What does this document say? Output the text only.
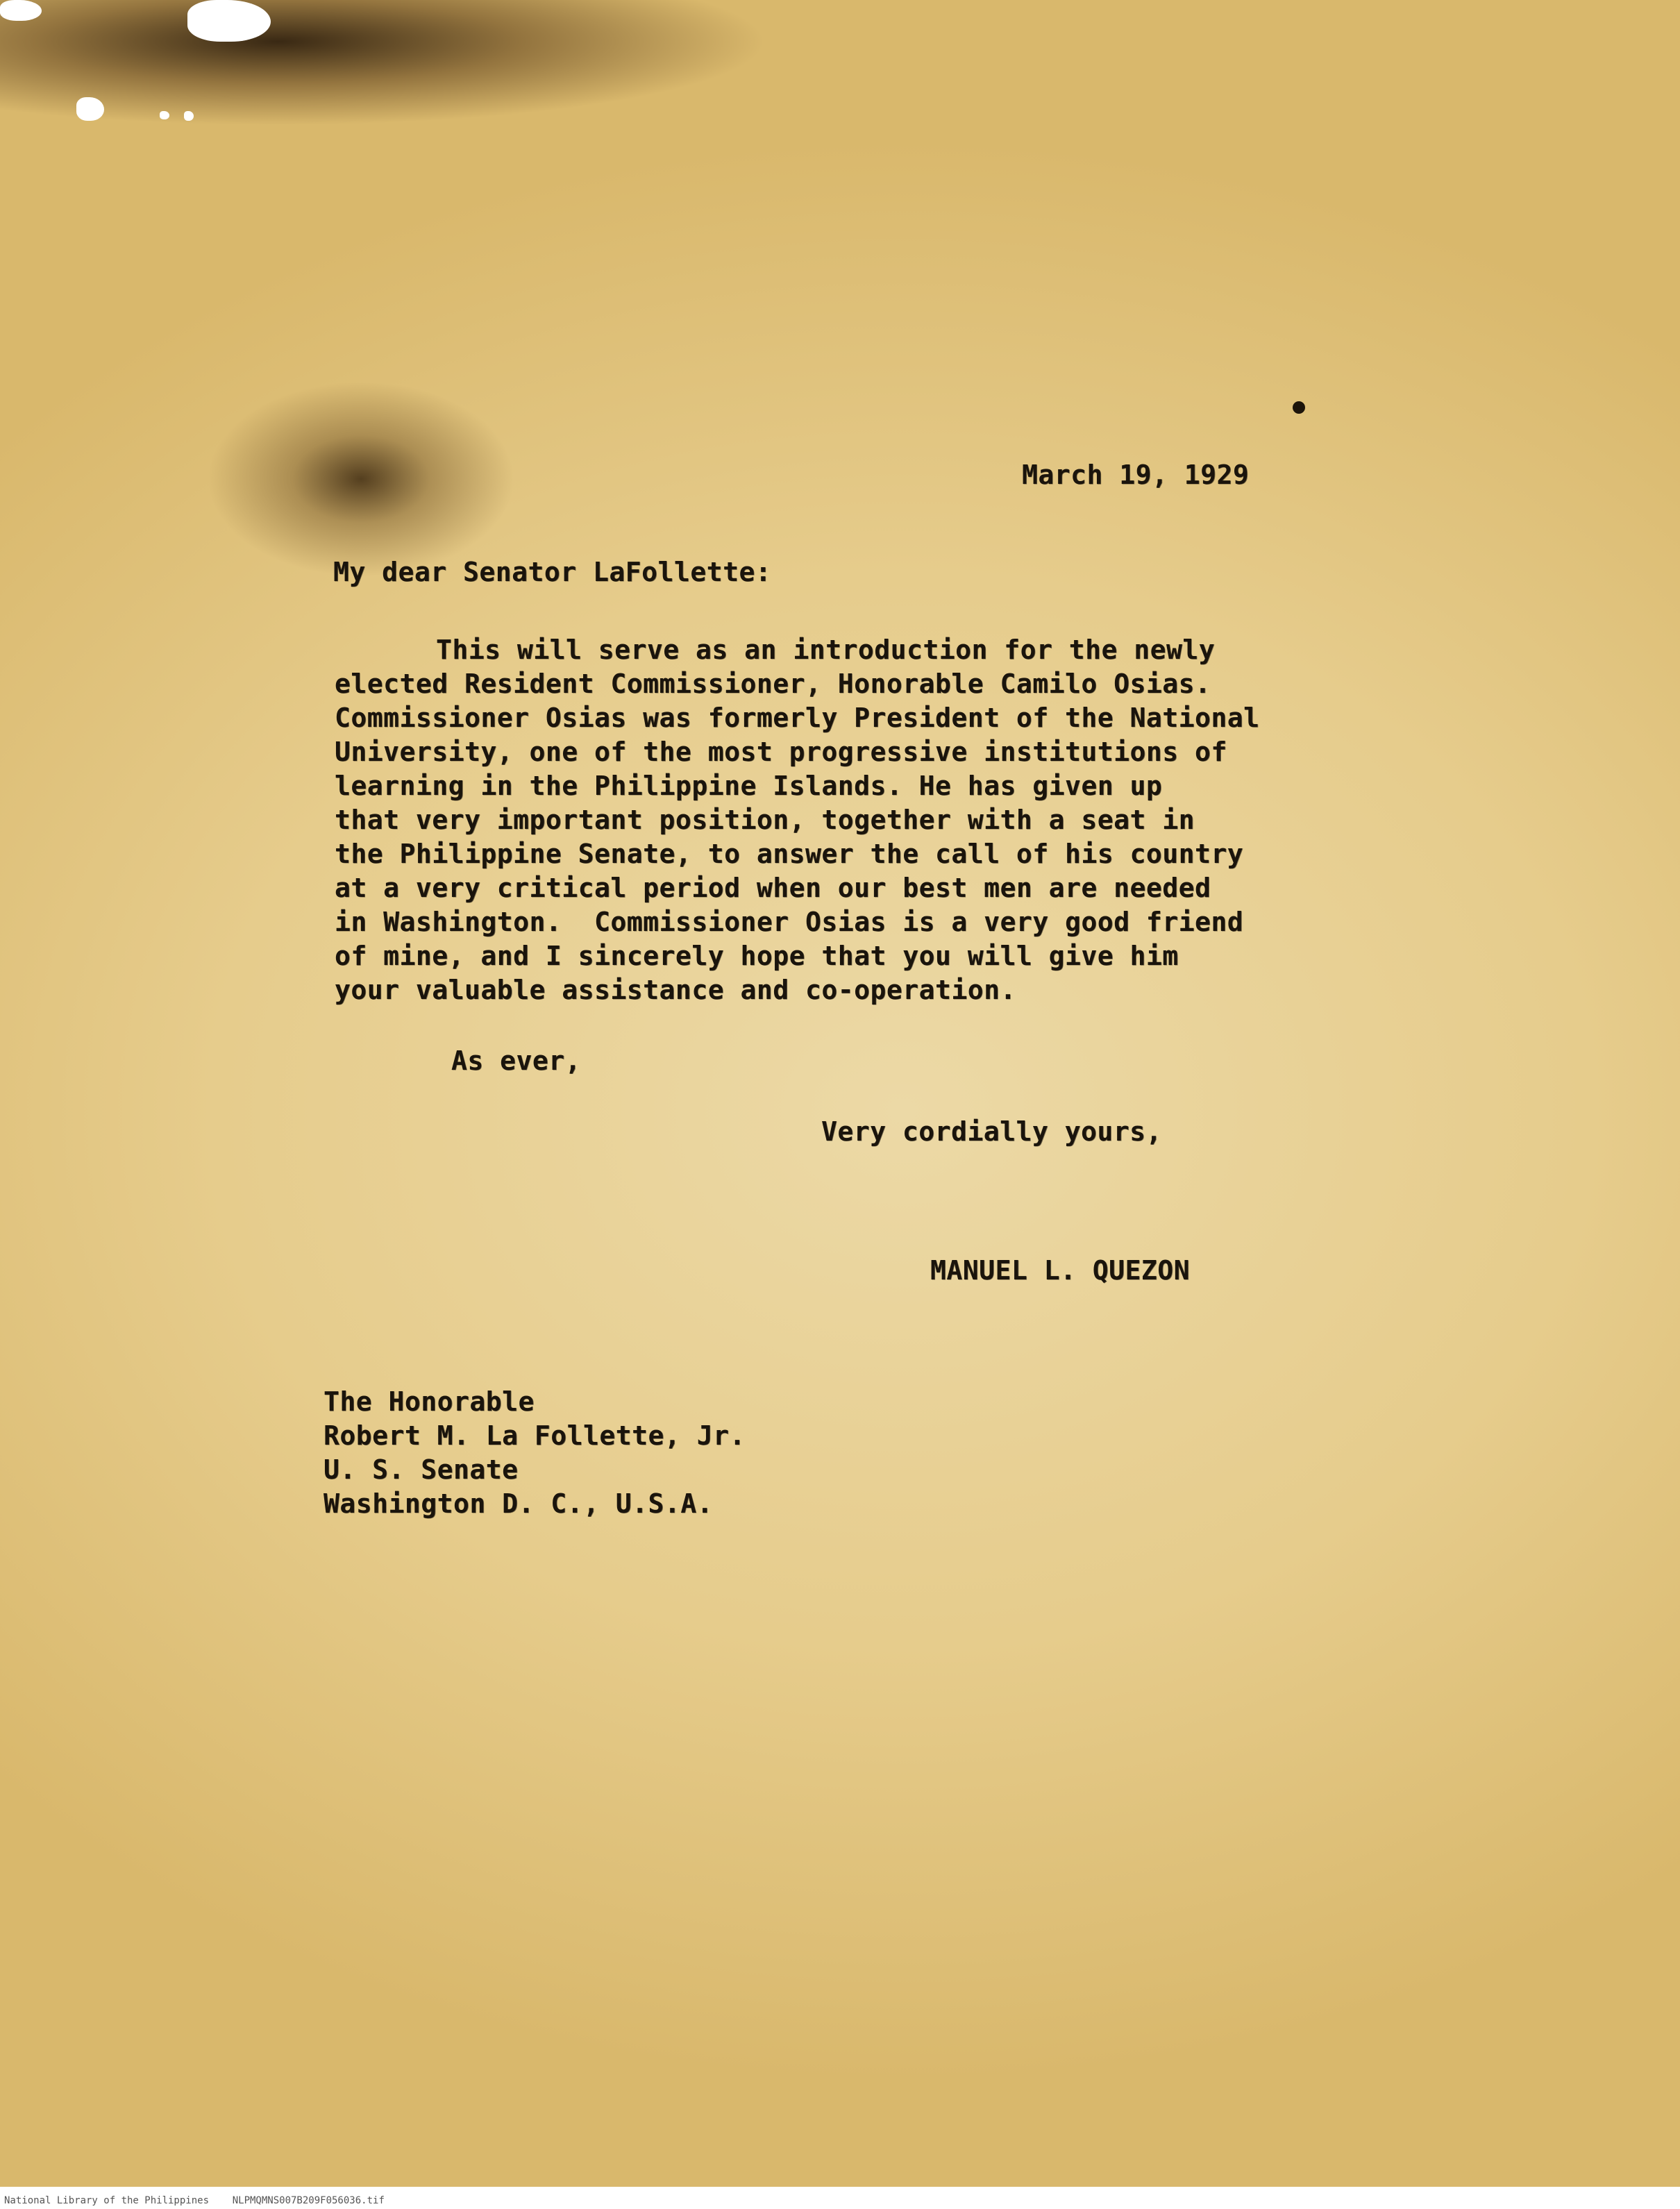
March 19, 1929
My dear Senator LaFollette:
This will serve as an introduction for the newly
elected Resident Commissioner, Honorable Camilo Osias.
Commissioner Osias was formerly President of the National
University, one of the most progressive institutions of
learning in the Philippine Islands. He has given up
that very important position, together with a seat in
the Philippine Senate, to answer the call of his country
at a very critical period when our best men are needed
in Washington.  Commissioner Osias is a very good friend
of mine, and I sincerely hope that you will give him
your valuable assistance and co-operation.
As ever,
Very cordially yours,
MANUEL L. QUEZON
The Honorable
Robert M. La Follette, Jr.
U. S. Senate
Washington D. C., U.S.A.
National Library of the Philippines    NLPMQMNS007B209F056036.tif
